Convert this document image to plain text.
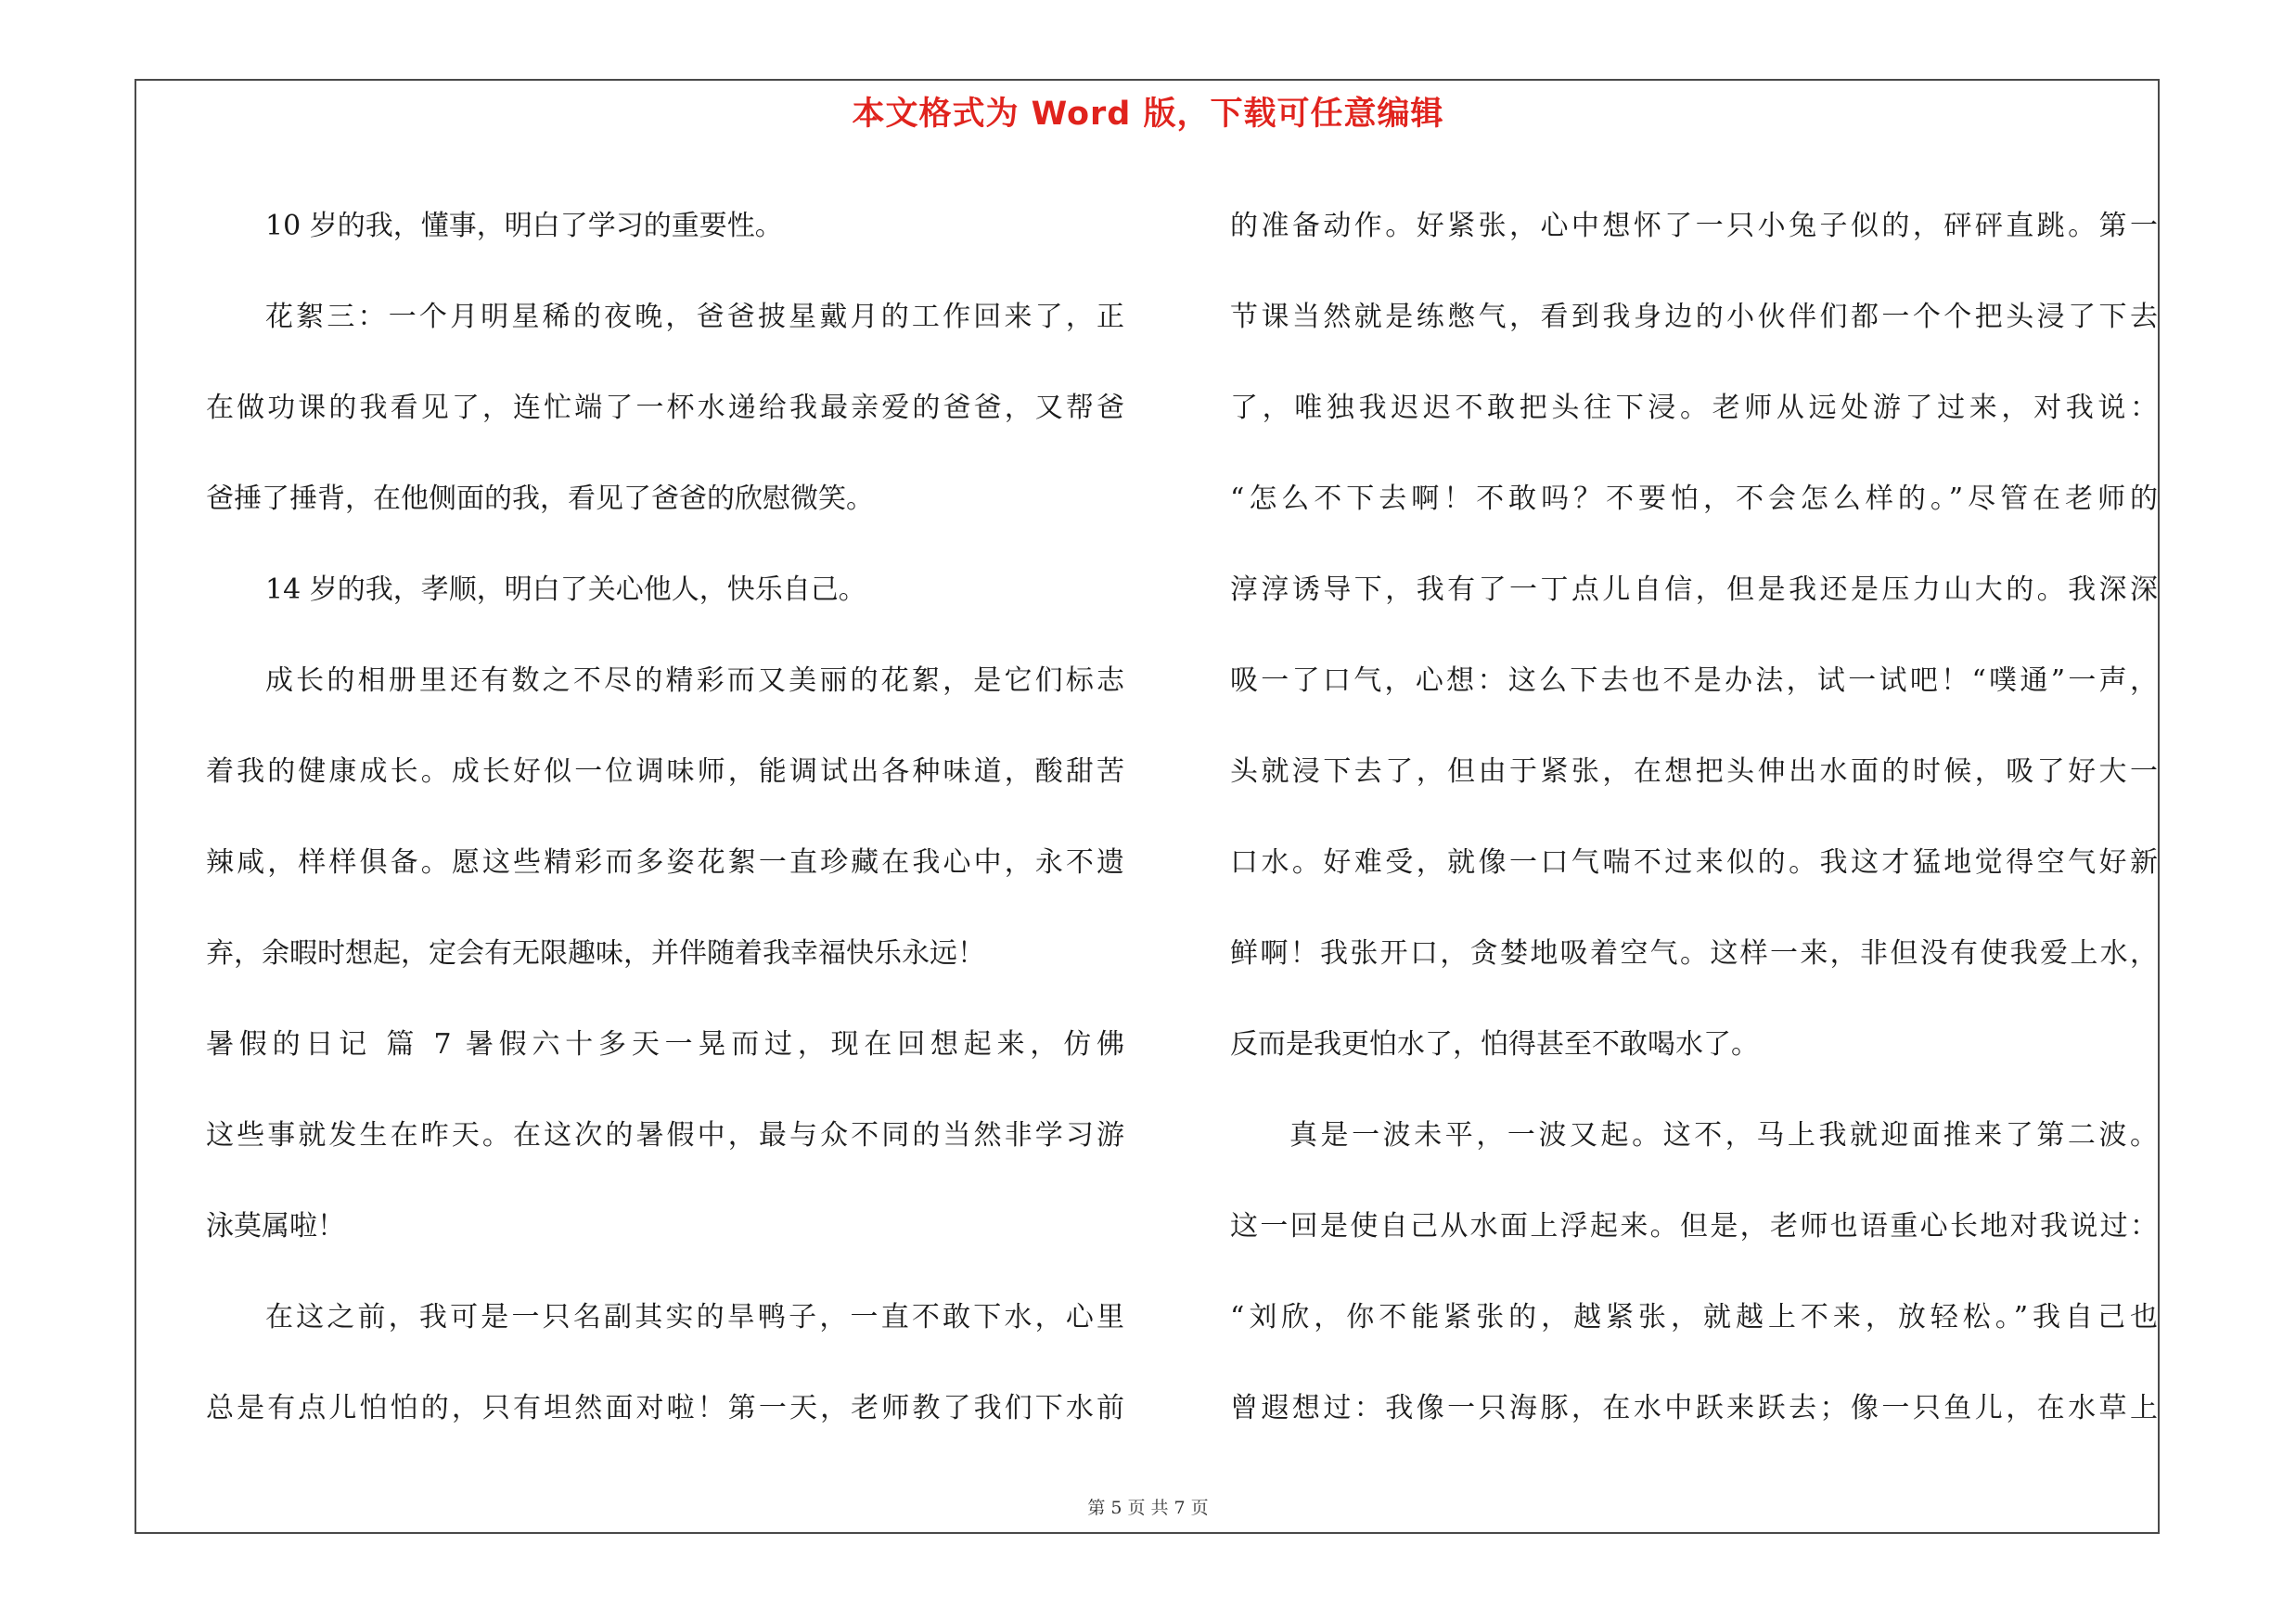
本文格式为 Word 版，下载可任意编辑
10 岁的我，懂事，明白了学习的重要性。
花絮三：一个月明星稀的夜晚，爸爸披星戴月的工作回来了，正
在做功课的我看见了，连忙端了一杯水递给我最亲爱的爸爸，又帮爸
爸捶了捶背，在他侧面的我，看见了爸爸的欣慰微笑。
14 岁的我，孝顺，明白了关心他人，快乐自己。
成长的相册里还有数之不尽的精彩而又美丽的花絮，是它们标志
着我的健康成长。成长好似一位调味师，能调试出各种味道，酸甜苦
辣咸，样样俱备。愿这些精彩而多姿花絮一直珍藏在我心中，永不遗
弃，余暇时想起，定会有无限趣味，并伴随着我幸福快乐永远！
暑假的日记 篇 7 暑假六十多天一晃而过，现在回想起来，仿佛
这些事就发生在昨天。在这次的暑假中，最与众不同的当然非学习游
泳莫属啦！
在这之前，我可是一只名副其实的旱鸭子，一直不敢下水，心里
总是有点儿怕怕的，只有坦然面对啦！第一天，老师教了我们下水前
的准备动作。好紧张，心中想怀了一只小兔子似的，砰砰直跳。第一
节课当然就是练憋气，看到我身边的小伙伴们都一个个把头浸了下去
了，唯独我迟迟不敢把头往下浸。老师从远处游了过来，对我说：
“怎么不下去啊！不敢吗？不要怕，不会怎么样的。”尽管在老师的
淳淳诱导下，我有了一丁点儿自信，但是我还是压力山大的。我深深
吸一了口气，心想：这么下去也不是办法，试一试吧！“噗通”一声，
头就浸下去了，但由于紧张，在想把头伸出水面的时候，吸了好大一
口水。好难受，就像一口气喘不过来似的。我这才猛地觉得空气好新
鲜啊！我张开口，贪婪地吸着空气。这样一来，非但没有使我爱上水，
反而是我更怕水了，怕得甚至不敢喝水了。
真是一波未平，一波又起。这不，马上我就迎面推来了第二波。
这一回是使自己从水面上浮起来。但是，老师也语重心长地对我说过：
“刘欣，你不能紧张的，越紧张，就越上不来，放轻松。”我自己也
曾遐想过：我像一只海豚，在水中跃来跃去；像一只鱼儿，在水草上
第 5 页 共 7 页
